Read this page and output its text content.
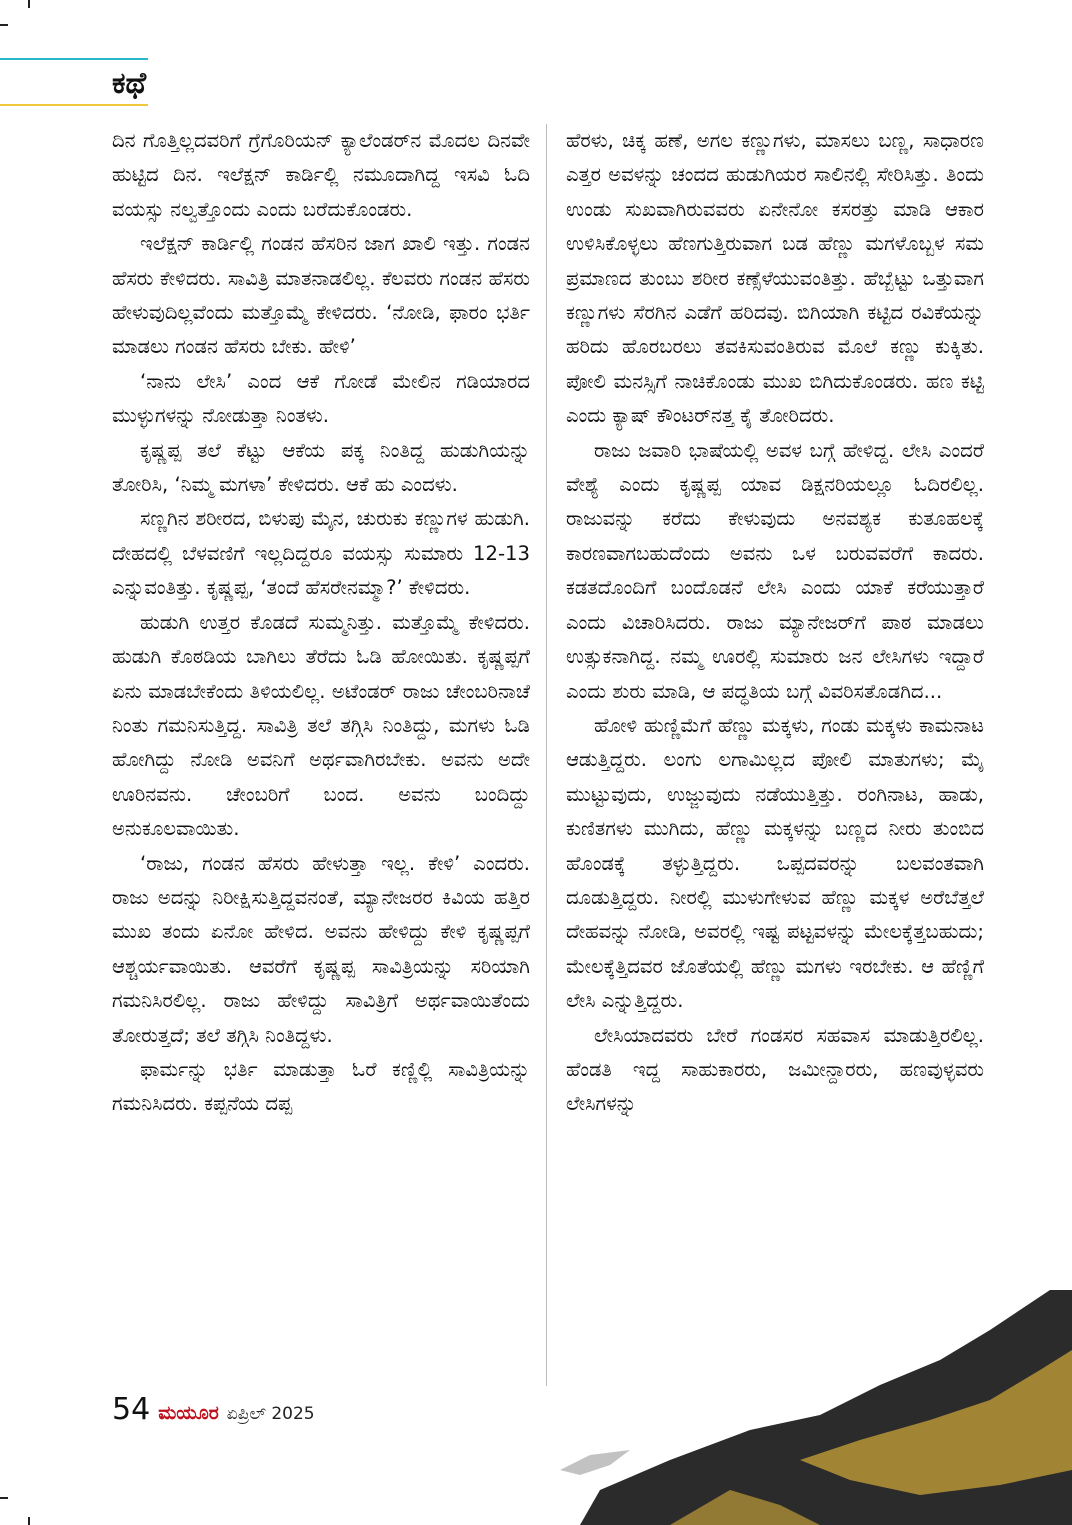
ಕಥೆ

ದಿನ ಗೊತ್ತಿಲ್ಲದವರಿಗೆ ಗ್ರೆಗೊರಿಯನ್ ಕ್ಯಾಲೆಂಡರ್‌ನ ಮೊದಲ ದಿನವೇ ಹುಟ್ಟಿದ ದಿನ. ಇಲೆಕ್ಷನ್ ಕಾರ್ಡಿಲ್ಲಿ ನಮೂದಾಗಿದ್ದ ಇಸವಿ ಓದಿ ವಯಸ್ಸು ನಲ್ವತ್ತೊಂದು ಎಂದು ಬರೆದುಕೊಂಡರು.

ಇಲೆಕ್ಷನ್ ಕಾರ್ಡಿಲ್ಲಿ ಗಂಡನ ಹೆಸರಿನ ಜಾಗ ಖಾಲಿ ಇತ್ತು. ಗಂಡನ ಹೆಸರು ಕೇಳಿದರು. ಸಾವಿತ್ರಿ ಮಾತನಾಡಲಿಲ್ಲ. ಕೆಲವರು ಗಂಡನ ಹೆಸರು ಹೇಳುವುದಿಲ್ಲವೆಂದು ಮತ್ತೊಮ್ಮೆ ಕೇಳಿದರು. ‘ನೋಡಿ, ಫಾರಂ ಭರ್ತಿ ಮಾಡಲು ಗಂಡನ ಹೆಸರು ಬೇಕು. ಹೇಳಿ’

‘ನಾನು ಲೇಸಿ’ ಎಂದ ಆಕೆ ಗೋಡೆ ಮೇಲಿನ ಗಡಿಯಾರದ ಮುಳ್ಳುಗಳನ್ನು ನೋಡುತ್ತಾ ನಿಂತಳು.

ಕೃಷ್ಣಪ್ಪ ತಲೆ ಕೆಟ್ಟು ಆಕೆಯ ಪಕ್ಕ ನಿಂತಿದ್ದ ಹುಡುಗಿಯನ್ನು ತೋರಿಸಿ, ‘ನಿಮ್ಮ ಮಗಳಾ’ ಕೇಳಿದರು. ಆಕೆ ಹು ಎಂದಳು.

ಸಣ್ಣಗಿನ ಶರೀರದ, ಬಿಳುಪು ಮೈನ, ಚುರುಕು ಕಣ್ಣುಗಳ ಹುಡುಗಿ. ದೇಹದಲ್ಲಿ ಬೆಳವಣಿಗೆ ಇಲ್ಲದಿದ್ದರೂ ವಯಸ್ಸು ಸುಮಾರು 12-13 ಎನ್ನುವಂತಿತ್ತು. ಕೃಷ್ಣಪ್ಪ, ‘ತಂದೆ ಹೆಸರೇನಮ್ಮಾ?’ ಕೇಳಿದರು.

ಹುಡುಗಿ ಉತ್ತರ ಕೊಡದೆ ಸುಮ್ಮನಿತ್ತು. ಮತ್ತೊಮ್ಮೆ ಕೇಳಿದರು. ಹುಡುಗಿ ಕೊಠಡಿಯ ಬಾಗಿಲು ತೆರೆದು ಓಡಿ ಹೋಯಿತು. ಕೃಷ್ಣಪ್ಪಗೆ ಏನು ಮಾಡಬೇಕೆಂದು ತಿಳಿಯಲಿಲ್ಲ. ಅಟೆಂಡರ್ ರಾಜು ಚೇಂಬರಿನಾಚೆ ನಿಂತು ಗಮನಿಸುತ್ತಿದ್ದ. ಸಾವಿತ್ರಿ ತಲೆ ತಗ್ಗಿಸಿ ನಿಂತಿದ್ದು, ಮಗಳು ಓಡಿ ಹೋಗಿದ್ದು ನೋಡಿ ಅವನಿಗೆ ಅರ್ಥವಾಗಿರಬೇಕು. ಅವನು ಅದೇ ಊರಿನವನು. ಚೇಂಬರಿಗೆ ಬಂದ. ಅವನು ಬಂದಿದ್ದು ಅನುಕೂಲವಾಯಿತು.

‘ರಾಜು, ಗಂಡನ ಹೆಸರು ಹೇಳುತ್ತಾ ಇಲ್ಲ. ಕೇಳಿ’ ಎಂದರು. ರಾಜು ಅದನ್ನು ನಿರೀಕ್ಷಿಸುತ್ತಿದ್ದವನಂತೆ, ಮ್ಯಾನೇಜರರ ಕಿವಿಯ ಹತ್ತಿರ ಮುಖ ತಂದು ಏನೋ ಹೇಳಿದ. ಅವನು ಹೇಳಿದ್ದು ಕೇಳಿ ಕೃಷ್ಣಪ್ಪಗೆ ಆಶ್ಚರ್ಯವಾಯಿತು. ಆವರೆಗೆ ಕೃಷ್ಣಪ್ಪ ಸಾವಿತ್ರಿಯನ್ನು ಸರಿಯಾಗಿ ಗಮನಿಸಿರಲಿಲ್ಲ. ರಾಜು ಹೇಳಿದ್ದು ಸಾವಿತ್ರಿಗೆ ಅರ್ಥವಾಯಿತೆಂದು ತೋರುತ್ತದೆ; ತಲೆ ತಗ್ಗಿಸಿ ನಿಂತಿದ್ದಳು.

ಫಾರ್ಮನ್ನು ಭರ್ತಿ ಮಾಡುತ್ತಾ ಓರೆ ಕಣ್ಣಿಲ್ಲಿ ಸಾವಿತ್ರಿಯನ್ನು ಗಮನಿಸಿದರು. ಕಪ್ಪನೆಯ ದಪ್ಪ

ಹೆರಳು, ಚಿಕ್ಕ ಹಣೆ, ಅಗಲ ಕಣ್ಣುಗಳು, ಮಾಸಲು ಬಣ್ಣ, ಸಾಧಾರಣ ಎತ್ತರ ಅವಳನ್ನು ಚಂದದ ಹುಡುಗಿಯರ ಸಾಲಿನಲ್ಲಿ ಸೇರಿಸಿತ್ತು. ತಿಂದು ಉಂಡು ಸುಖವಾಗಿರುವವರು ಏನೇನೋ ಕಸರತ್ತು ಮಾಡಿ ಆಕಾರ ಉಳಿಸಿಕೊಳ್ಳಲು ಹೆಣಗುತ್ತಿರುವಾಗ ಬಡ ಹೆಣ್ಣು ಮಗಳೊಬ್ಬಳ ಸಮ ಪ್ರಮಾಣದ ತುಂಬು ಶರೀರ ಕಣ್ಸೆಳೆಯುವಂತಿತ್ತು. ಹೆಬ್ಬೆಟ್ಟು ಒತ್ತುವಾಗ ಕಣ್ಣುಗಳು ಸೆರಗಿನ ಎಡೆಗೆ ಹರಿದವು. ಬಿಗಿಯಾಗಿ ಕಟ್ಟಿದ ರವಿಕೆಯನ್ನು ಹರಿದು ಹೊರಬರಲು ತವಕಿಸುವಂತಿರುವ ಮೊಲೆ ಕಣ್ಣು ಕುಕ್ಕಿತು. ಪೋಲಿ ಮನಸ್ಸಿಗೆ ನಾಚಿಕೊಂಡು ಮುಖ ಬಿಗಿದುಕೊಂಡರು. ಹಣ ಕಟ್ಟಿ ಎಂದು ಕ್ಯಾಷ್ ಕೌಂಟರ್‌ನತ್ತ ಕೈ ತೋರಿದರು.

ರಾಜು ಜವಾರಿ ಭಾಷೆಯಲ್ಲಿ ಅವಳ ಬಗ್ಗೆ ಹೇಳಿದ್ದ. ಲೇಸಿ ಎಂದರೆ ವೇಶ್ಯೆ ಎಂದು ಕೃಷ್ಣಪ್ಪ ಯಾವ ಡಿಕ್ಷನರಿಯಲ್ಲೂ ಓದಿರಲಿಲ್ಲ. ರಾಜುವನ್ನು ಕರೆದು ಕೇಳುವುದು ಅನವಶ್ಯಕ ಕುತೂಹಲಕ್ಕೆ ಕಾರಣವಾಗಬಹುದೆಂದು ಅವನು ಒಳ ಬರುವವರೆಗೆ ಕಾದರು. ಕಡತದೊಂದಿಗೆ ಬಂದೊಡನೆ ಲೇಸಿ ಎಂದು ಯಾಕೆ ಕರೆಯುತ್ತಾರೆ ಎಂದು ವಿಚಾರಿಸಿದರು. ರಾಜು ಮ್ಯಾನೇಜರ್‌ಗೆ ಪಾಠ ಮಾಡಲು ಉತ್ಸುಕನಾಗಿದ್ದ. ನಮ್ಮ ಊರಲ್ಲಿ ಸುಮಾರು ಜನ ಲೇಸಿಗಳು ಇದ್ದಾರೆ ಎಂದು ಶುರು ಮಾಡಿ, ಆ ಪದ್ಧತಿಯ ಬಗ್ಗೆ ವಿವರಿಸತೊಡಗಿದ...

ಹೋಳಿ ಹುಣ್ಣಿಮೆಗೆ ಹೆಣ್ಣು ಮಕ್ಕಳು, ಗಂಡು ಮಕ್ಕಳು ಕಾಮನಾಟ ಆಡುತ್ತಿದ್ದರು. ಲಂಗು ಲಗಾಮಿಲ್ಲದ ಪೋಲಿ ಮಾತುಗಳು; ಮೈ ಮುಟ್ಟುವುದು, ಉಜ್ಜುವುದು ನಡೆಯುತ್ತಿತ್ತು. ರಂಗಿನಾಟ, ಹಾಡು, ಕುಣಿತಗಳು ಮುಗಿದು, ಹೆಣ್ಣು ಮಕ್ಕಳನ್ನು ಬಣ್ಣದ ನೀರು ತುಂಬಿದ ಹೊಂಡಕ್ಕೆ ತಳ್ಳುತ್ತಿದ್ದರು. ಒಪ್ಪದವರನ್ನು ಬಲವಂತವಾಗಿ ದೂಡುತ್ತಿದ್ದರು. ನೀರಲ್ಲಿ ಮುಳುಗೇಳುವ ಹೆಣ್ಣು ಮಕ್ಕಳ ಅರೆಬೆತ್ತಲೆ ದೇಹವನ್ನು ನೋಡಿ, ಅವರಲ್ಲಿ ಇಷ್ಟ ಪಟ್ಟವಳನ್ನು ಮೇಲಕ್ಕೆತ್ತಬಹುದು; ಮೇಲಕ್ಕೆತ್ತಿದವರ ಜೊತೆಯಲ್ಲಿ ಹೆಣ್ಣು ಮಗಳು ಇರಬೇಕು. ಆ ಹೆಣ್ಣಿಗೆ ಲೇಸಿ ಎನ್ನುತ್ತಿದ್ದರು.

ಲೇಸಿಯಾದವರು ಬೇರೆ ಗಂಡಸರ ಸಹವಾಸ ಮಾಡುತ್ತಿರಲಿಲ್ಲ. ಹೆಂಡತಿ ಇದ್ದ ಸಾಹುಕಾರರು, ಜಮೀನ್ದಾರರು, ಹಣವುಳ್ಳವರು ಲೇಸಿಗಳನ್ನು

54 ಮಯೂರ ಏಪ್ರಿಲ್ 2025
